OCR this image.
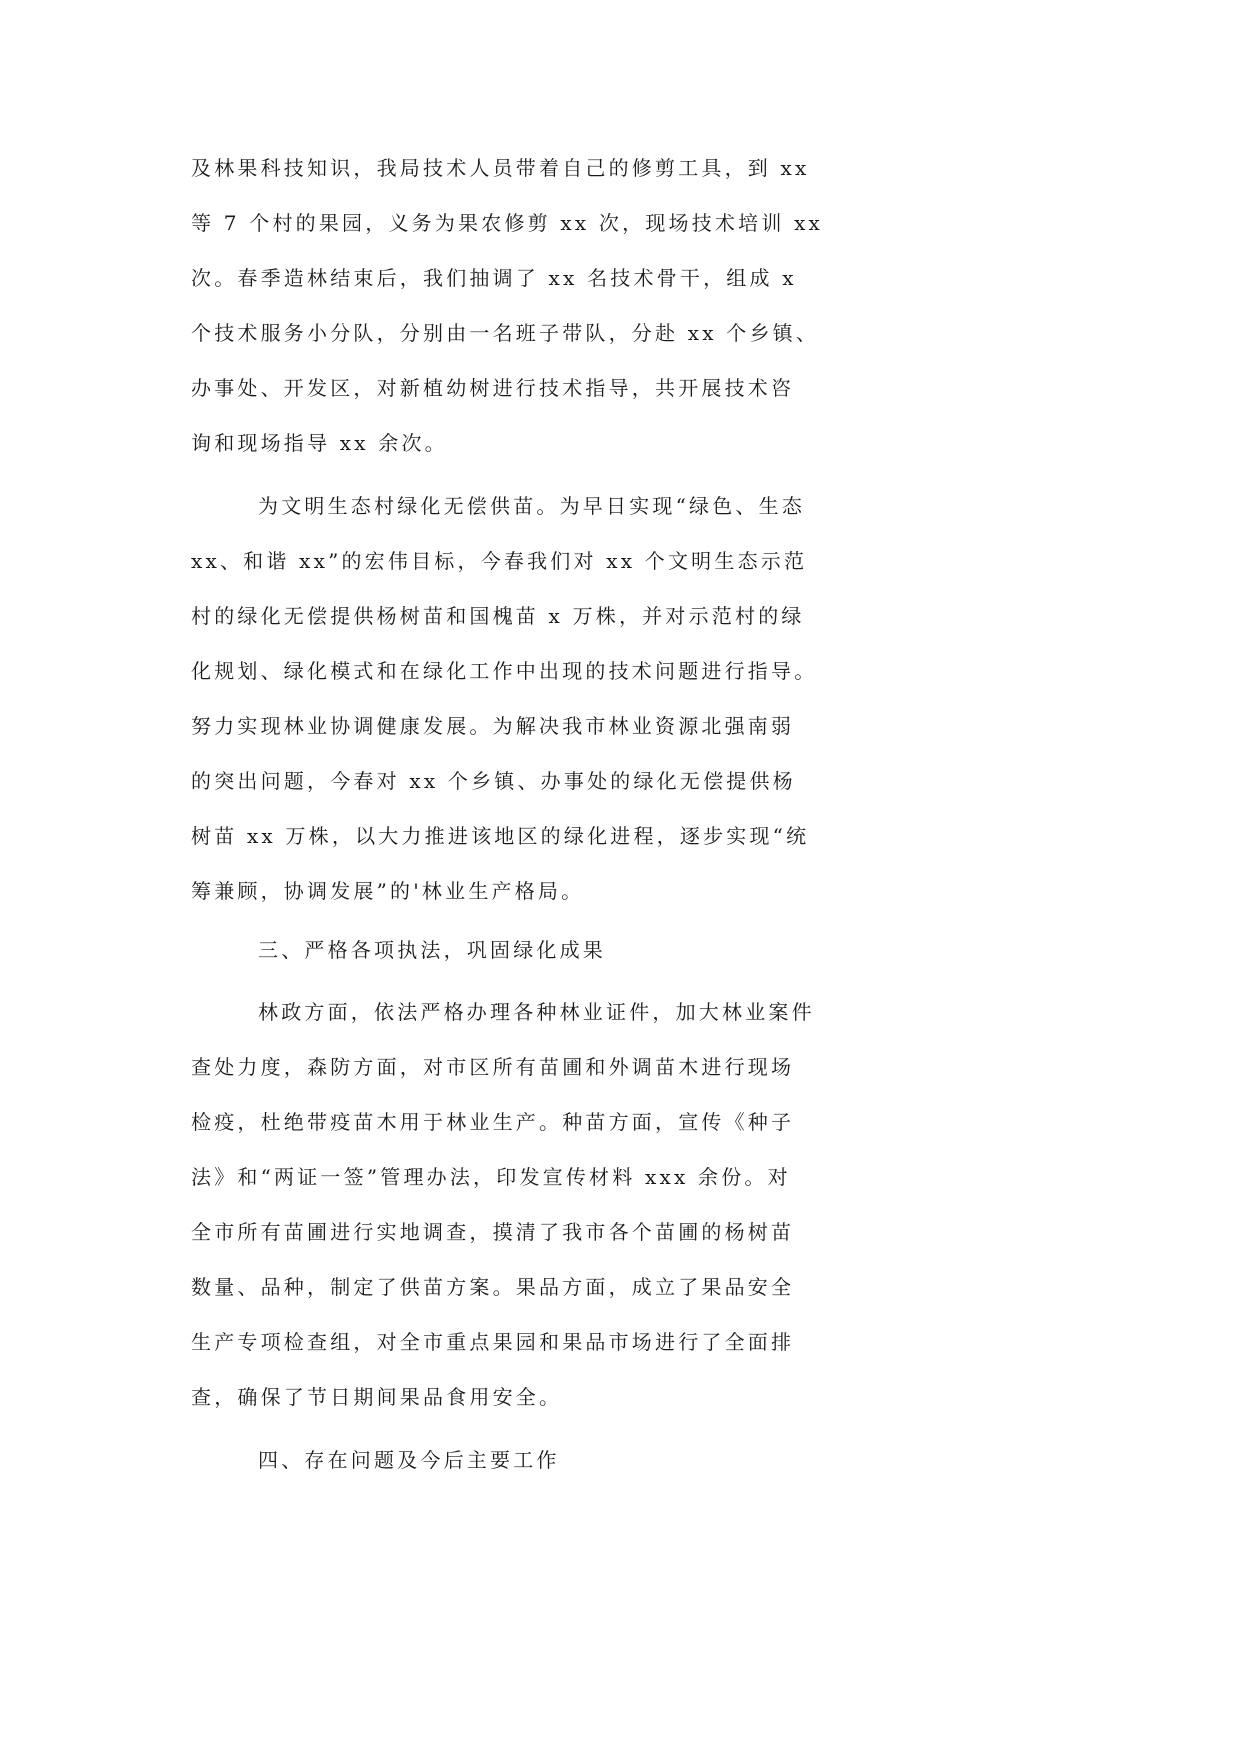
及林果科技知识，我局技术人员带着自己的修剪工具，到 xx
等 7 个村的果园，义务为果农修剪 xx 次，现场技术培训 xx
次。春季造林结束后，我们抽调了 xx 名技术骨干，组成 x
个技术服务小分队，分别由一名班子带队，分赴 xx 个乡镇、
办事处、开发区，对新植幼树进行技术指导，共开展技术咨
询和现场指导 xx 余次。
为文明生态村绿化无偿供苗。为早日实现“绿色、生态
xx、和谐 xx”的宏伟目标，今春我们对 xx 个文明生态示范
村的绿化无偿提供杨树苗和国槐苗 x 万株，并对示范村的绿
化规划、绿化模式和在绿化工作中出现的技术问题进行指导。
努力实现林业协调健康发展。为解决我市林业资源北强南弱
的突出问题，今春对 xx 个乡镇、办事处的绿化无偿提供杨
树苗 xx 万株，以大力推进该地区的绿化进程，逐步实现“统
筹兼顾，协调发展”的'林业生产格局。
三、严格各项执法，巩固绿化成果
林政方面，依法严格办理各种林业证件，加大林业案件
查处力度，森防方面，对市区所有苗圃和外调苗木进行现场
检疫，杜绝带疫苗木用于林业生产。种苗方面，宣传《种子
法》和“两证一签”管理办法，印发宣传材料 xxx 余份。对
全市所有苗圃进行实地调查，摸清了我市各个苗圃的杨树苗
数量、品种，制定了供苗方案。果品方面，成立了果品安全
生产专项检查组，对全市重点果园和果品市场进行了全面排
查，确保了节日期间果品食用安全。
四、存在问题及今后主要工作
